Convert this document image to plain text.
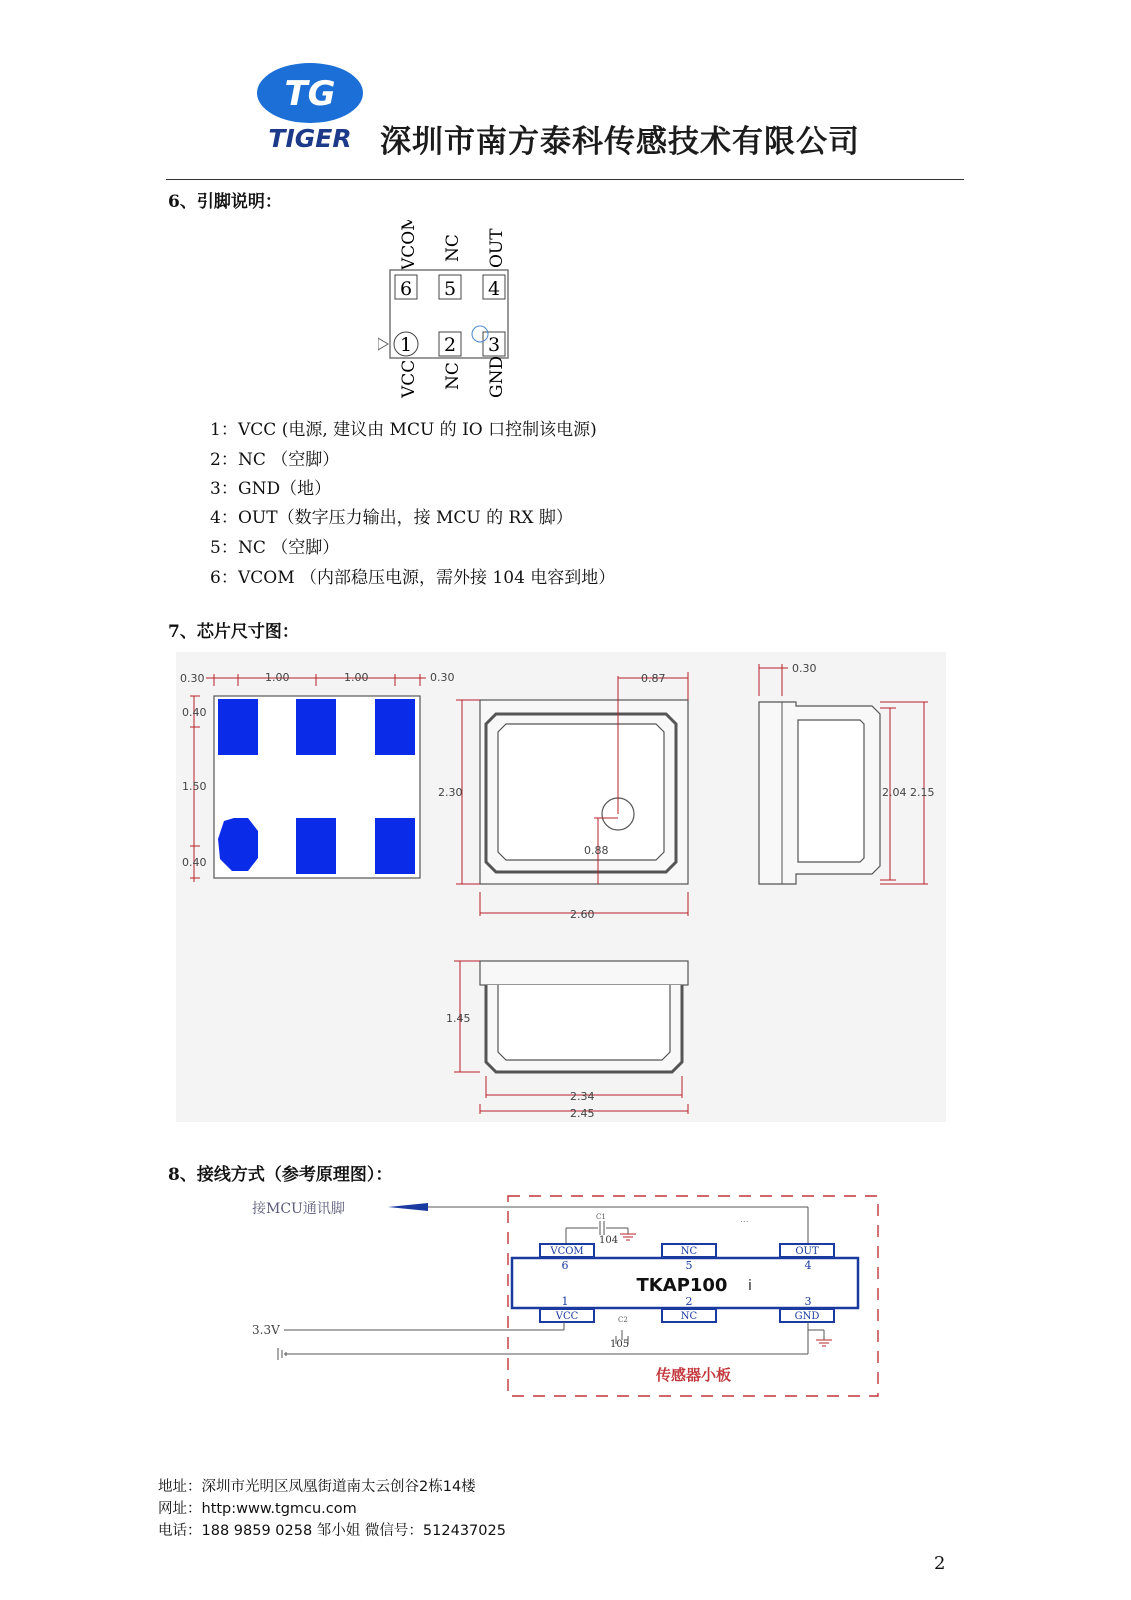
TG
TIGER 深圳市南方泰科传感技术有限公司
6、引脚说明：
VCOM NC OUT
6 5 4
1 2 3
VCC NC GND
1：VCC (电源, 建议由 MCU 的 IO 口控制该电源)
2：NC （空脚）
3：GND（地）
4：OUT（数字压力输出，接 MCU 的 RX 脚）
5：NC （空脚）
6：VCOM （内部稳压电源，需外接 104 电容到地）
7、芯片尺寸图：
0.30	1.00	1.00	0.30
0.40
1.50
0.40
0.87
2.30
0.88
2.60
0.30
2.04 2.15
1.45
2.34
2.45
8、接线方式（参考原理图）：
接MCU通讯脚	C1
104
...
VCOM	NC	OUT
6	5	4
TKAP100 i
1	2	3
VCC	NC	GND
3.3V
C2
105
传感器小板
地址：深圳市光明区凤凰街道南太云创谷2栋14楼
网址：http:www.tgmcu.com
电话：188 9859 0258 邹小姐 微信号：512437025
2
